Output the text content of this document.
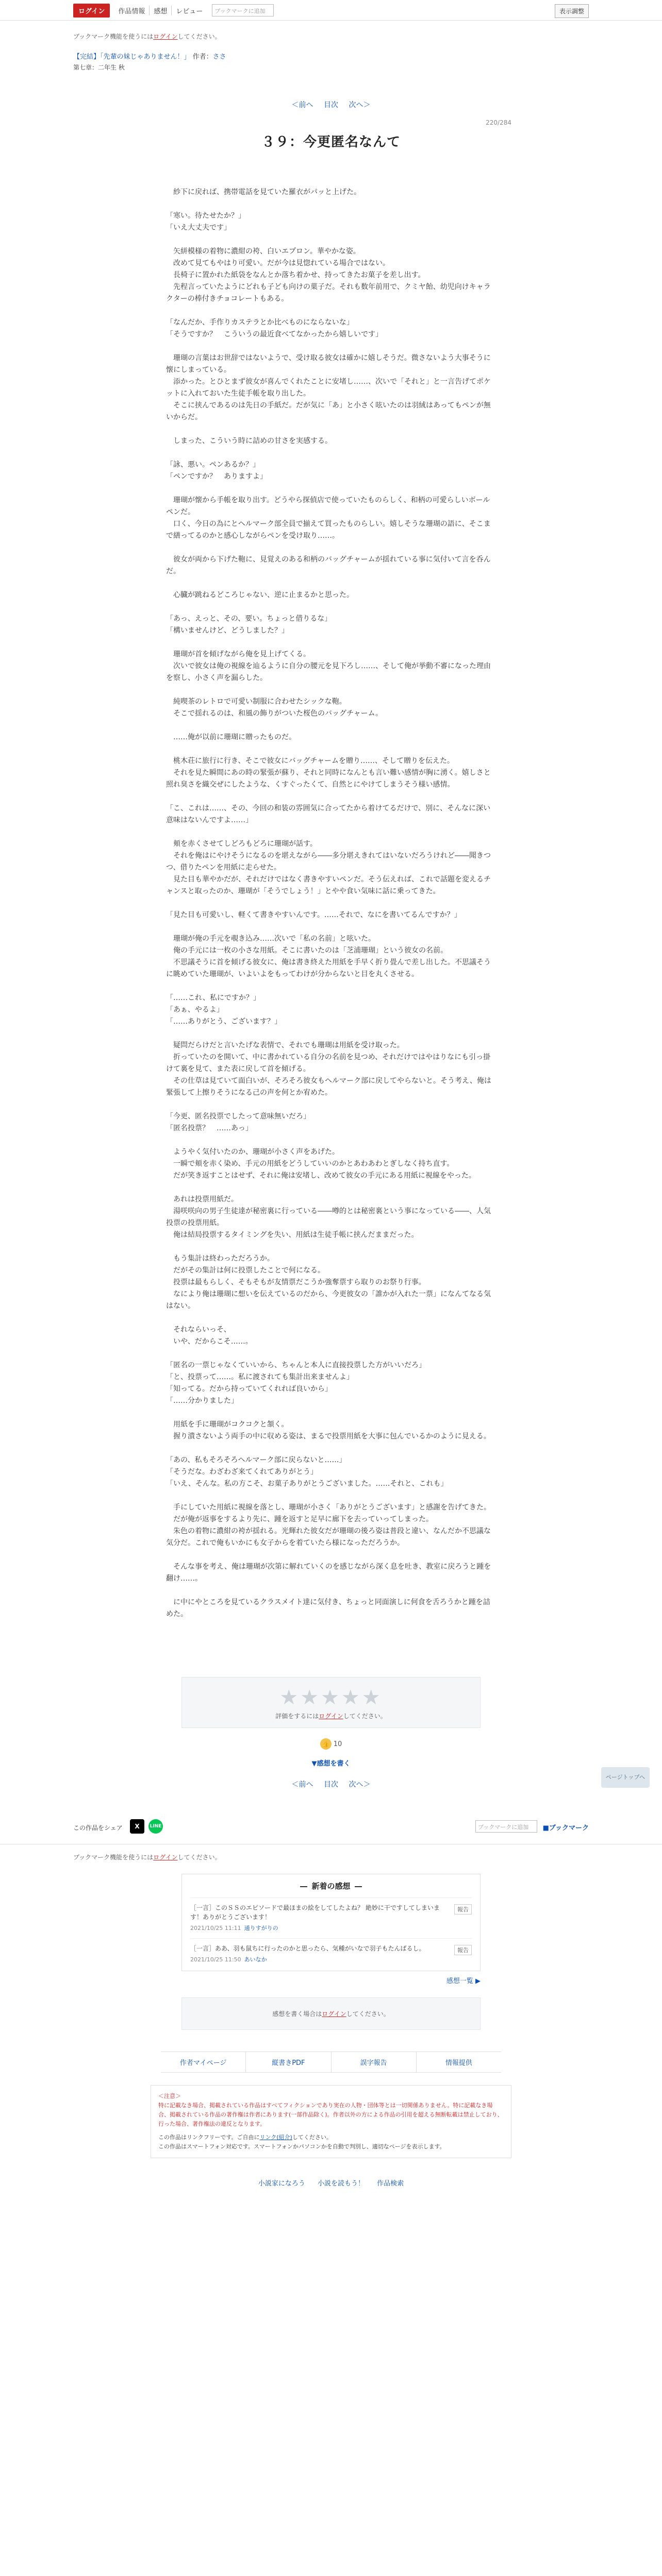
ログイン	作品情報	感想	レビュー	ブックマークに追加	表示調整
ブックマーク機能を使うにはログインしてください。
【完結】「先輩の妹じゃありません！」 作者：ささ
第七章：二年生 秋
＜前へ 目次 次へ＞
220/284
３９：今更匿名なんて

　紗下に戻れば、携帯電話を見ていた羅衣がパッと上げた。

「寒い。待たせたか？」

「いえ大丈夫です」

　矢絣模様の着物に濃紺の袴、白いエプロン。華やかな姿。

　改めて見てもやはり可愛い。だが今は見惚れている場合ではない。

　長椅子に置かれた紙袋をなんとか落ち着かせ、持ってきたお菓子を差し出す。

　先程言っていたようにどれも子ども向けの菓子だ。それも数年前用で、クミヤ飴、幼児向けキャラクターの棒付きチョコレートもある。

「なんだか、手作りカステラとか比べものにならないな」

「そうですか？　こういうの最近食べてなかったから嬉しいです」

　珊瑚の言葉はお世辞ではないようで、受け取る彼女は確かに嬉しそうだ。微さないよう大事そうに懐にしまっている。

　添かった。とひとまず彼女が喜んでくれたことに安堵し……、次いで「それと」と一言告げてポケットに入れておいた生徒手帳を取り出した。

　そこに挟んであるのは先日の手紙だ。だが気に「あ」と小さく呟いたのは羽絨はあってもペンが無いからだ。

　しまった、こういう時に詰めの甘さを実感する。

「詠、悪い。ペンあるか？」

「ペンですか？　ありますよ」

　珊瑚が懐から手帳を取り出す。どうやら探偵店で使っていたものらしく、和柄の可愛らしいボールペンだ。

　口く、今日の為にとヘルマーク部全員で揃えて買ったものらしい。嬉しそうな珊瑚の語に、そこまで繕ってるのかと感心しながらペンを受け取り……。

　彼女が両から下げた鞄に、見覚えのある和柄のバッグチャームが揺れている事に気付いて言を呑んだ。

　心臓が跳ねるどころじゃない、逆に止まるかと思った。

「あっ、えっと、その、要い。ちょっと借りるな」

「構いませんけど、どうしました？」

　珊瑚が首を傾げながら俺を見上げてくる。

　次いで彼女は俺の視線を辿るように自分の腰元を見下ろし……、そして俺が挙動不審になった理由を察し、小さく声を漏らした。

　純喫茶のレトロで可愛い制服に合わせたシックな鞄。

　そこで揺れるのは、和風の飾りがついた桜色のバッグチャーム。

　……俺が以前に珊瑚に贈ったものだ。

　桃木荘に旅行に行き、そこで彼女にバッグチャームを贈り……、そして贈りを伝えた。

　それを見た瞬間にあの時の緊張が蘇り、それと同時になんとも言い難い感情が胸に湧く。嬉しさと照れ臭さを織交ぜにしたような、くすぐったくて、自然とにやけてしまうそう様い感情。

「こ、これは……、その、今回の和装の雰囲気に合ってたから着けてるだけで、別に、そんなに深い意味はないんですよ……」

　頬を赤くさせてしどろもどろに珊瑚が話す。

　それを俺はにやけそうになるのを堪えながら――多分堪えきれてはいないだろうけれど――聞きつつ、借りたペンを用紙に走らせた。

　見た目も華やかだが、それだけではなく書きやすいペンだ。そう伝えれば、これで話題を変えるチャンスと取ったのか、珊瑚が「そうでしょう！」とやや食い気味に話に乗ってきた。

「見た目も可愛いし、軽くて書きやすいんです。……それで、なにを書いてるんですか？」

　珊瑚が俺の手元を覗き込み……次いで「私の名前」と呟いた。

　俺の手元には一枚の小さな用紙。そこに書いたのは「芝浦珊瑚」という彼女の名前。

　不思議そうに首を傾げる彼女に、俺は書き終えた用紙を手早く折り畳んで差し出した。不思議そうに眺めていた珊瑚が、いよいよをもってわけが分からないと目を丸くさせる。

「……これ、私にですか？」

「あぁ、やるよ」

「……ありがとう、ございます？」

　疑問だらけだと言いたげな表情で、それでも珊瑚は用紙を受け取った。

　折っていたのを開いて、中に書かれている自分の名前を見つめ、それだけではやはりなにも引っ掛けて裏を見て、また表に戻して首を傾げる。

　その仕草は見ていて面白いが、そろそろ彼女もヘルマーク部に戻してやらないと。そう考え、俺は緊張して上擦りそうになる己の声を何とか宥めた。

「今更、匿名投票でしたって意味無いだろ」

「匿名投票？　……あっ」

　ようやく気付いたのか、珊瑚が小さく声をあげた。

　一瞬で頬を赤く染め、手元の用紙をどうしていいのかとあわあわとぎしなく持ち直す。

　だが笑き返すことはせず、それに俺は安堵し、改めて彼女の手元にある用紙に視線をやった。

　あれは投票用紙だ。

　湯咲咲向の男子生徒達が秘密裏に行っている――噂的とは秘密裏という事になっている――、人気投票の投票用紙。

　俺は結局投票するタイミングを失い、用紙は生徒手帳に挟んだままだった。

　もう集計は終わっただろうか。

　だがその集計は何に投票したことで何になる。

　投票は最もらしく、そもそもが友情票だこうか強奪票すら取りのお祭り行事。

　なにより俺は珊瑚に想いを伝えているのだから、今更彼女の「誰かが入れた一票」になんてなる気はない。

　それならいっそ、

　いや、だからこそ……。

「匿名の一票じゃなくていいから、ちゃんと本人に直接投票した方がいいだろ」

「と、投票って……。私に渡されても集計出来ませんよ」

「知ってる。だから持っていてくれれば良いから」

「……分かりました」

　用紙を手に珊瑚がコクコクと頷く。

　握り潰さないよう両手の中に収める姿は、まるで投票用紙を大事に包んでいるかのように見える。

「あの、私もそろそろヘルマーク部に戻らないと……」

「そうだな。わざわざ来てくれてありがとう」

「いえ、そんな。私の方こそ、お菓子ありがとうございました。……それと、これも」

　手にしていた用紙に視線を落とし、珊瑚が小さく「ありがとうございます」と感謝を告げてきた。

　だが俺が返事をするより先に、踵を返すと足早に廊下を去っていってしまった。

　朱色の着物に濃紺の袴が揺れる。光輝れた彼女だが珊瑚の後ろ姿は普段と違い、なんだか不思議な気分だ。これで俺もいかにも女子からを着ていたら様になっただろうか。

　そんな事を考え、俺は珊瑚が次第に解れていくのを感じながら深く息を吐き、教室に戻ろうと踵を翻け……。

　に中にやところを見ているクラスメイト達に気付き、ちょっと同面演しに何食を舌ろうかと踵を詰めた。

★★★★★
評価をするにはログインしてください。
👍 10
▼感想を書く
＜前へ 目次 次へ＞
この作品をシェア	X	LINE	ブックマークに追加	■ブックマーク
ブックマーク機能を使うにはログインしてください。
新着の感想
［一言］このＳＳのエピソードで最ほまの絵をしてしたよね？ 絶妙に干ですしてしまいます！ありがとうございます！
2021/10/25 11:11 通りすがりの
報告
［一言］ああ、羽も鼠ちに行ったのかと思ったら、気種がいなで羽子もたんばるし。
2021/10/25 11:50 あいなか
報告
感想一覧 ▶
感想を書く場合はログインしてください。
作者マイページ	縦書きPDF	誤字報告	情報提供
＜注意＞
特に記載なき場合、掲載されている作品はすべてフィクションであり実在の人物・団体等とは一切関係ありません。特に記載なき場合、掲載されている作品の著作権は作者にあります(一部作品除く)。作者以外の方による作品の引用を超える無断転載は禁止しており、行った場合、著作権法の違反となります。
この作品はリンクフリーです。ご自由にリンク(紹介)してください。
この作品はスマートフォン対応です。スマートフォンかパソコンかを自動で判別し、適切なページを表示します。
小説家になろう 小説を読もう！ 作品検索
ページトップへ
